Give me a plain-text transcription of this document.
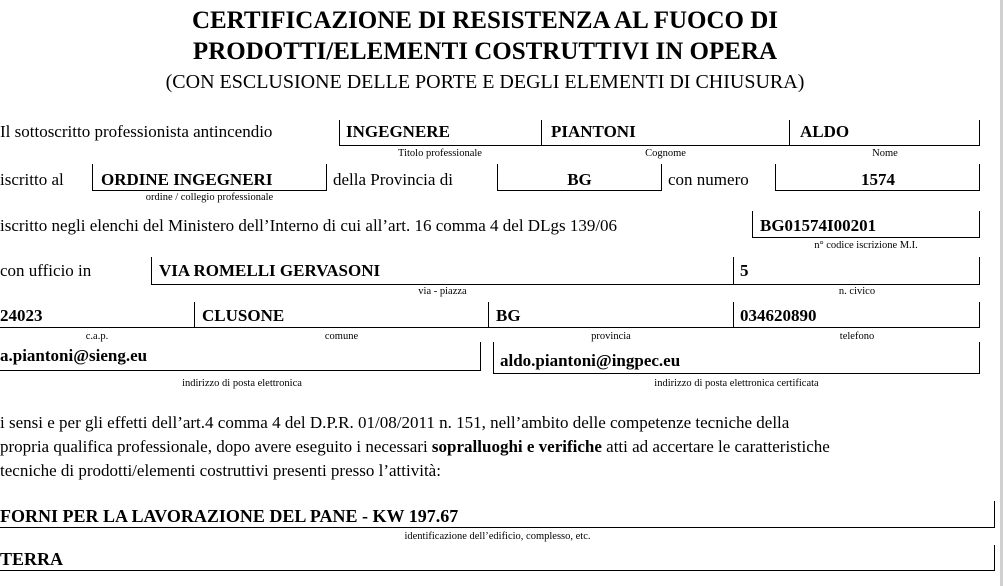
CERTIFICAZIONE DI RESISTENZA AL FUOCO DI
PRODOTTI/ELEMENTI COSTRUTTIVI IN OPERA
(CON ESCLUSIONE DELLE PORTE E DEGLI ELEMENTI DI CHIUSURA)
Il sottoscritto professionista antincendio	INGEGNERE	PIANTONI	ALDO
Titolo professionale	Cognome	Nome
iscritto al ORDINE INGEGNERI	della Provincia di	BG	con numero	1574
ordine / collegio professionale
iscritto negli elenchi del Ministero dell’Interno di cui all’art. 16 comma 4 del DLgs 139/06	BG01574I00201
n° codice iscrizione M.I.
con ufficio in	VIA ROMELLI GERVASONI	5
via - piazza	n. civico
24023	CLUSONE	BG	034620890
c.a.p.	comune	provincia	telefono
a.piantoni@sieng.eu	aldo.piantoni@ingpec.eu
indirizzo di posta elettronica	indirizzo di posta elettronica certificata
i sensi e per gli effetti dell’art.4 comma 4 del D.P.R. 01/08/2011 n. 151, nell’ambito delle competenze tecniche della
propria qualifica professionale, dopo avere eseguito i necessari sopralluoghi e verifiche atti ad accertare le caratteristiche
tecniche di prodotti/elementi costruttivi presenti presso l’attività:
FORNI PER LA LAVORAZIONE DEL PANE - KW 197.67
identificazione dell’edificio, complesso, etc.
TERRA
